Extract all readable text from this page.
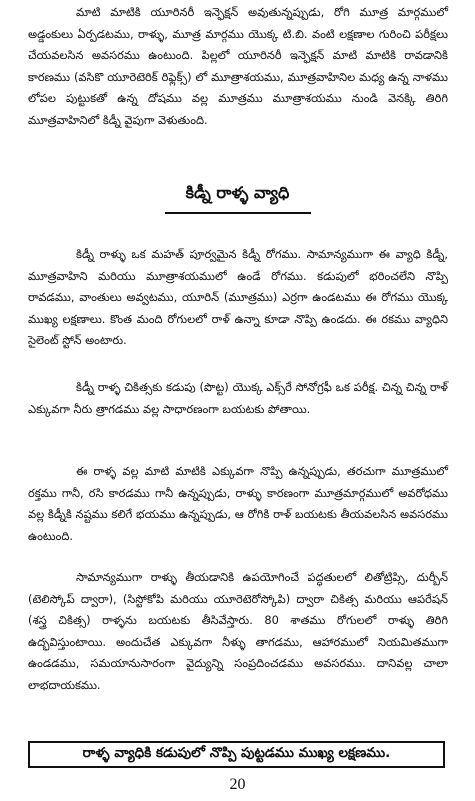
మాటి మాటికి యూరినరీ ఇన్ఫెక్షన్ అవుతున్నప్పుడు, రోగి మూత్ర మార్గములో అడ్డంకులు ఏర్పడటము, రాళ్ళు, మూత్ర మార్గము యొక్క టి.బి. వంటి లక్షణాల గురించి పరీక్షలు చేయవలసిన అవసరము ఉంటుంది. పిల్లలో యూరినరీ ఇన్ఫెక్షన్ మాటి మాటికి రావడానికి కారణము (వసికొ యూరెటెరిక్ రిఫ్లెక్స్) లో మూత్రాశయము, మూత్రవాహినిల మధ్య ఉన్న నాళము లోపల పుట్టుకతో ఉన్న దోషము వల్ల మూత్రము మూత్రాశయము నుండి వెనక్కి తిరిగి మూత్రవాహినిలో కిడ్నీ వైపుగా వెళుతుంది.

కిడ్నీ రాళ్ళ వ్యాధి

కిడ్నీ రాళ్ళు ఒక మహత్ పూర్వమైన కిడ్నీ రోగము. సామాన్యముగా ఈ వ్యాధి కిడ్నీ, మూత్రవాహిని మరియు మూత్రాశయములో ఉండే రోగము. కడుపులో భరించలేని నొప్పి రావడము, వాంతులు అవ్వటము, యూరిన్ (మూత్రము) ఎర్రగా ఉండటము ఈ రోగము యొక్క ముఖ్య లక్షణాలు. కొంత మంది రోగులలో రాళ్ ఉన్నా కూడా నొప్పి ఉండదు. ఈ రకము వ్యాధిని సైలెంట్ స్టోన్ అంటారు.

కిడ్నీ రాళ్ళ చికిత్సకు కడుపు (పొట్ట) యొక్క ఎక్స్‌రే సోనోగ్రఫీ ఒక పరీక్ష. చిన్న చిన్న రాళ్ ఎక్కువగా నీరు త్రాగడము వల్ల సాధారణంగా బయటకు పోతాయి.

ఈ రాళ్ళ వల్ల మాటి మాటికి ఎక్కువగా నొప్పి ఉన్నప్పుడు, తరచుగా మూత్రములో రక్తము గానీ, రసి కారడము గానీ ఉన్నప్పుడు, రాళ్ళు కారణంగా మూత్రమార్గములో అవరోధము వల్ల కిడ్నీకి నష్టము కలిగే భయము ఉన్నప్పుడు, ఆ రోగికి రాళ్ బయటకు తీయవలసిన అవసరము ఉంటుంది.

సామాన్యముగా రాళ్ళు తీయడానికి ఉపయోగించే పద్ధతులలో లితోట్రిప్సి, దుర్బీన్ (టెలిస్కోప్ ద్వారా), (సిస్టోకోపి మరియు యూరెటెరోస్కోపి) ద్వారా చికిత్స మరియు ఆపరేషన్ (శస్త్ర చికిత్స) రాళ్ళను బయటకు తీసివేస్తారు. 80 శాతము రోగులలో రాళ్ళు తిరిగి ఉద్భవిస్తుంటాయి. అందుచేత ఎక్కువగా నీళ్ళు తాగడము, ఆహారములో నియమితముగా ఉండడము, సమయానుసారంగా వైద్యున్ని సంప్రదించడము అవసరము. దానివల్ల చాలా లాభదాయకము.

రాళ్ళ వ్యాధికి కడుపులో నొప్పి పుట్టడము ముఖ్య లక్షణము.
20
